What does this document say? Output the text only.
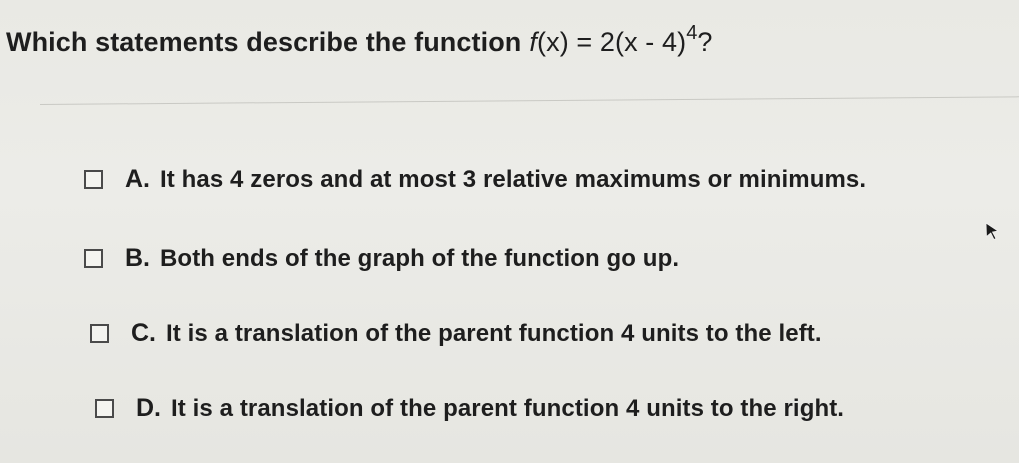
Which statements describe the function f(x) = 2(x - 4)$^4$?
A. It has 4 zeros and at most 3 relative maximums or minimums.
B. Both ends of the graph of the function go up.
C. It is a translation of the parent function 4 units to the left.
D. It is a translation of the parent function 4 units to the right.
